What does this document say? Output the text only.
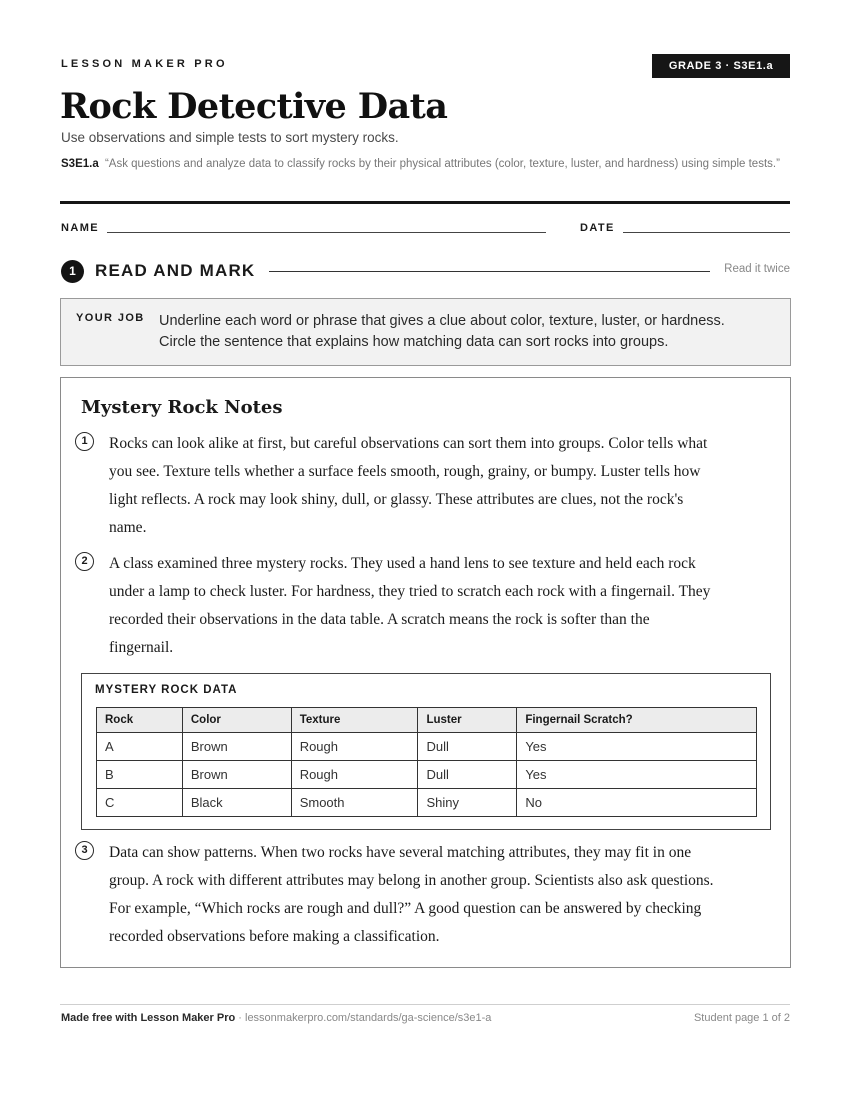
LESSON MAKER PRO	GRADE 3 · S3E1.a
Rock Detective Data
Use observations and simple tests to sort mystery rocks.
S3E1.a “Ask questions and analyze data to classify rocks by their physical attributes (color, texture, luster, and hardness) using simple tests.”
NAME	DATE
1	READ AND MARK	Read it twice
YOUR JOB Underline each word or phrase that gives a clue about color, texture, luster, or hardness.
Circle the sentence that explains how matching data can sort rocks into groups.
Mystery Rock Notes
1	Rocks can look alike at first, but careful observations can sort them into groups. Color tells what
you see. Texture tells whether a surface feels smooth, rough, grainy, or bumpy. Luster tells how
light reflects. A rock may look shiny, dull, or glassy. These attributes are clues, not the rock's
name.
2	A class examined three mystery rocks. They used a hand lens to see texture and held each rock
under a lamp to check luster. For hardness, they tried to scratch each rock with a fingernail. They
recorded their observations in the data table. A scratch means the rock is softer than the
fingernail.
MYSTERY ROCK DATA
Rock	Color	Texture	Luster	Fingernail Scratch?
A	Brown	Rough	Dull	Yes
B	Brown	Rough	Dull	Yes
C	Black	Smooth	Shiny	No
3	Data can show patterns. When two rocks have several matching attributes, they may fit in one
group. A rock with different attributes may belong in another group. Scientists also ask questions.
For example, “Which rocks are rough and dull?” A good question can be answered by checking
recorded observations before making a classification.
Made free with Lesson Maker Pro · lessonmakerpro.com/standards/ga-science/s3e1-a	Student page 1 of 2
